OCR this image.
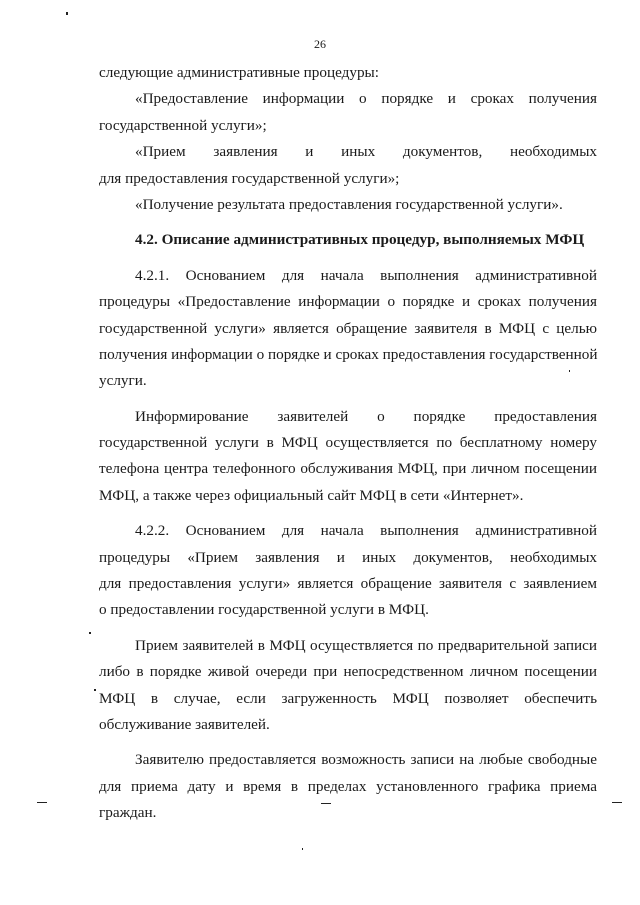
26
следующие административные процедуры:
«Предоставление информации о порядке и сроках получения
государственной услуги»;
«Прием заявления и иных документов, необходимых
для предоставления государственной услуги»;
«Получение результата предоставления государственной услуги».
4.2. Описание административных процедур, выполняемых МФЦ
4.2.1. Основанием для начала выполнения административной
процедуры «Предоставление информации о порядке и сроках получения
государственной услуги» является обращение заявителя в МФЦ с целью
получения информации о порядке и сроках предоставления государственной
услуги.
Информирование заявителей о порядке предоставления
государственной услуги в МФЦ осуществляется по бесплатному номеру
телефона центра телефонного обслуживания МФЦ, при личном посещении
МФЦ, а также через официальный сайт МФЦ в сети «Интернет».
4.2.2. Основанием для начала выполнения административной
процедуры «Прием заявления и иных документов, необходимых
для предоставления услуги» является обращение заявителя с заявлением
о предоставлении государственной услуги в МФЦ.
Прием заявителей в МФЦ осуществляется по предварительной записи
либо в порядке живой очереди при непосредственном личном посещении
МФЦ в случае, если загруженность МФЦ позволяет обеспечить
обслуживание заявителей.
Заявителю предоставляется возможность записи на любые свободные
для приема дату и время в пределах установленного графика приема
граждан.
